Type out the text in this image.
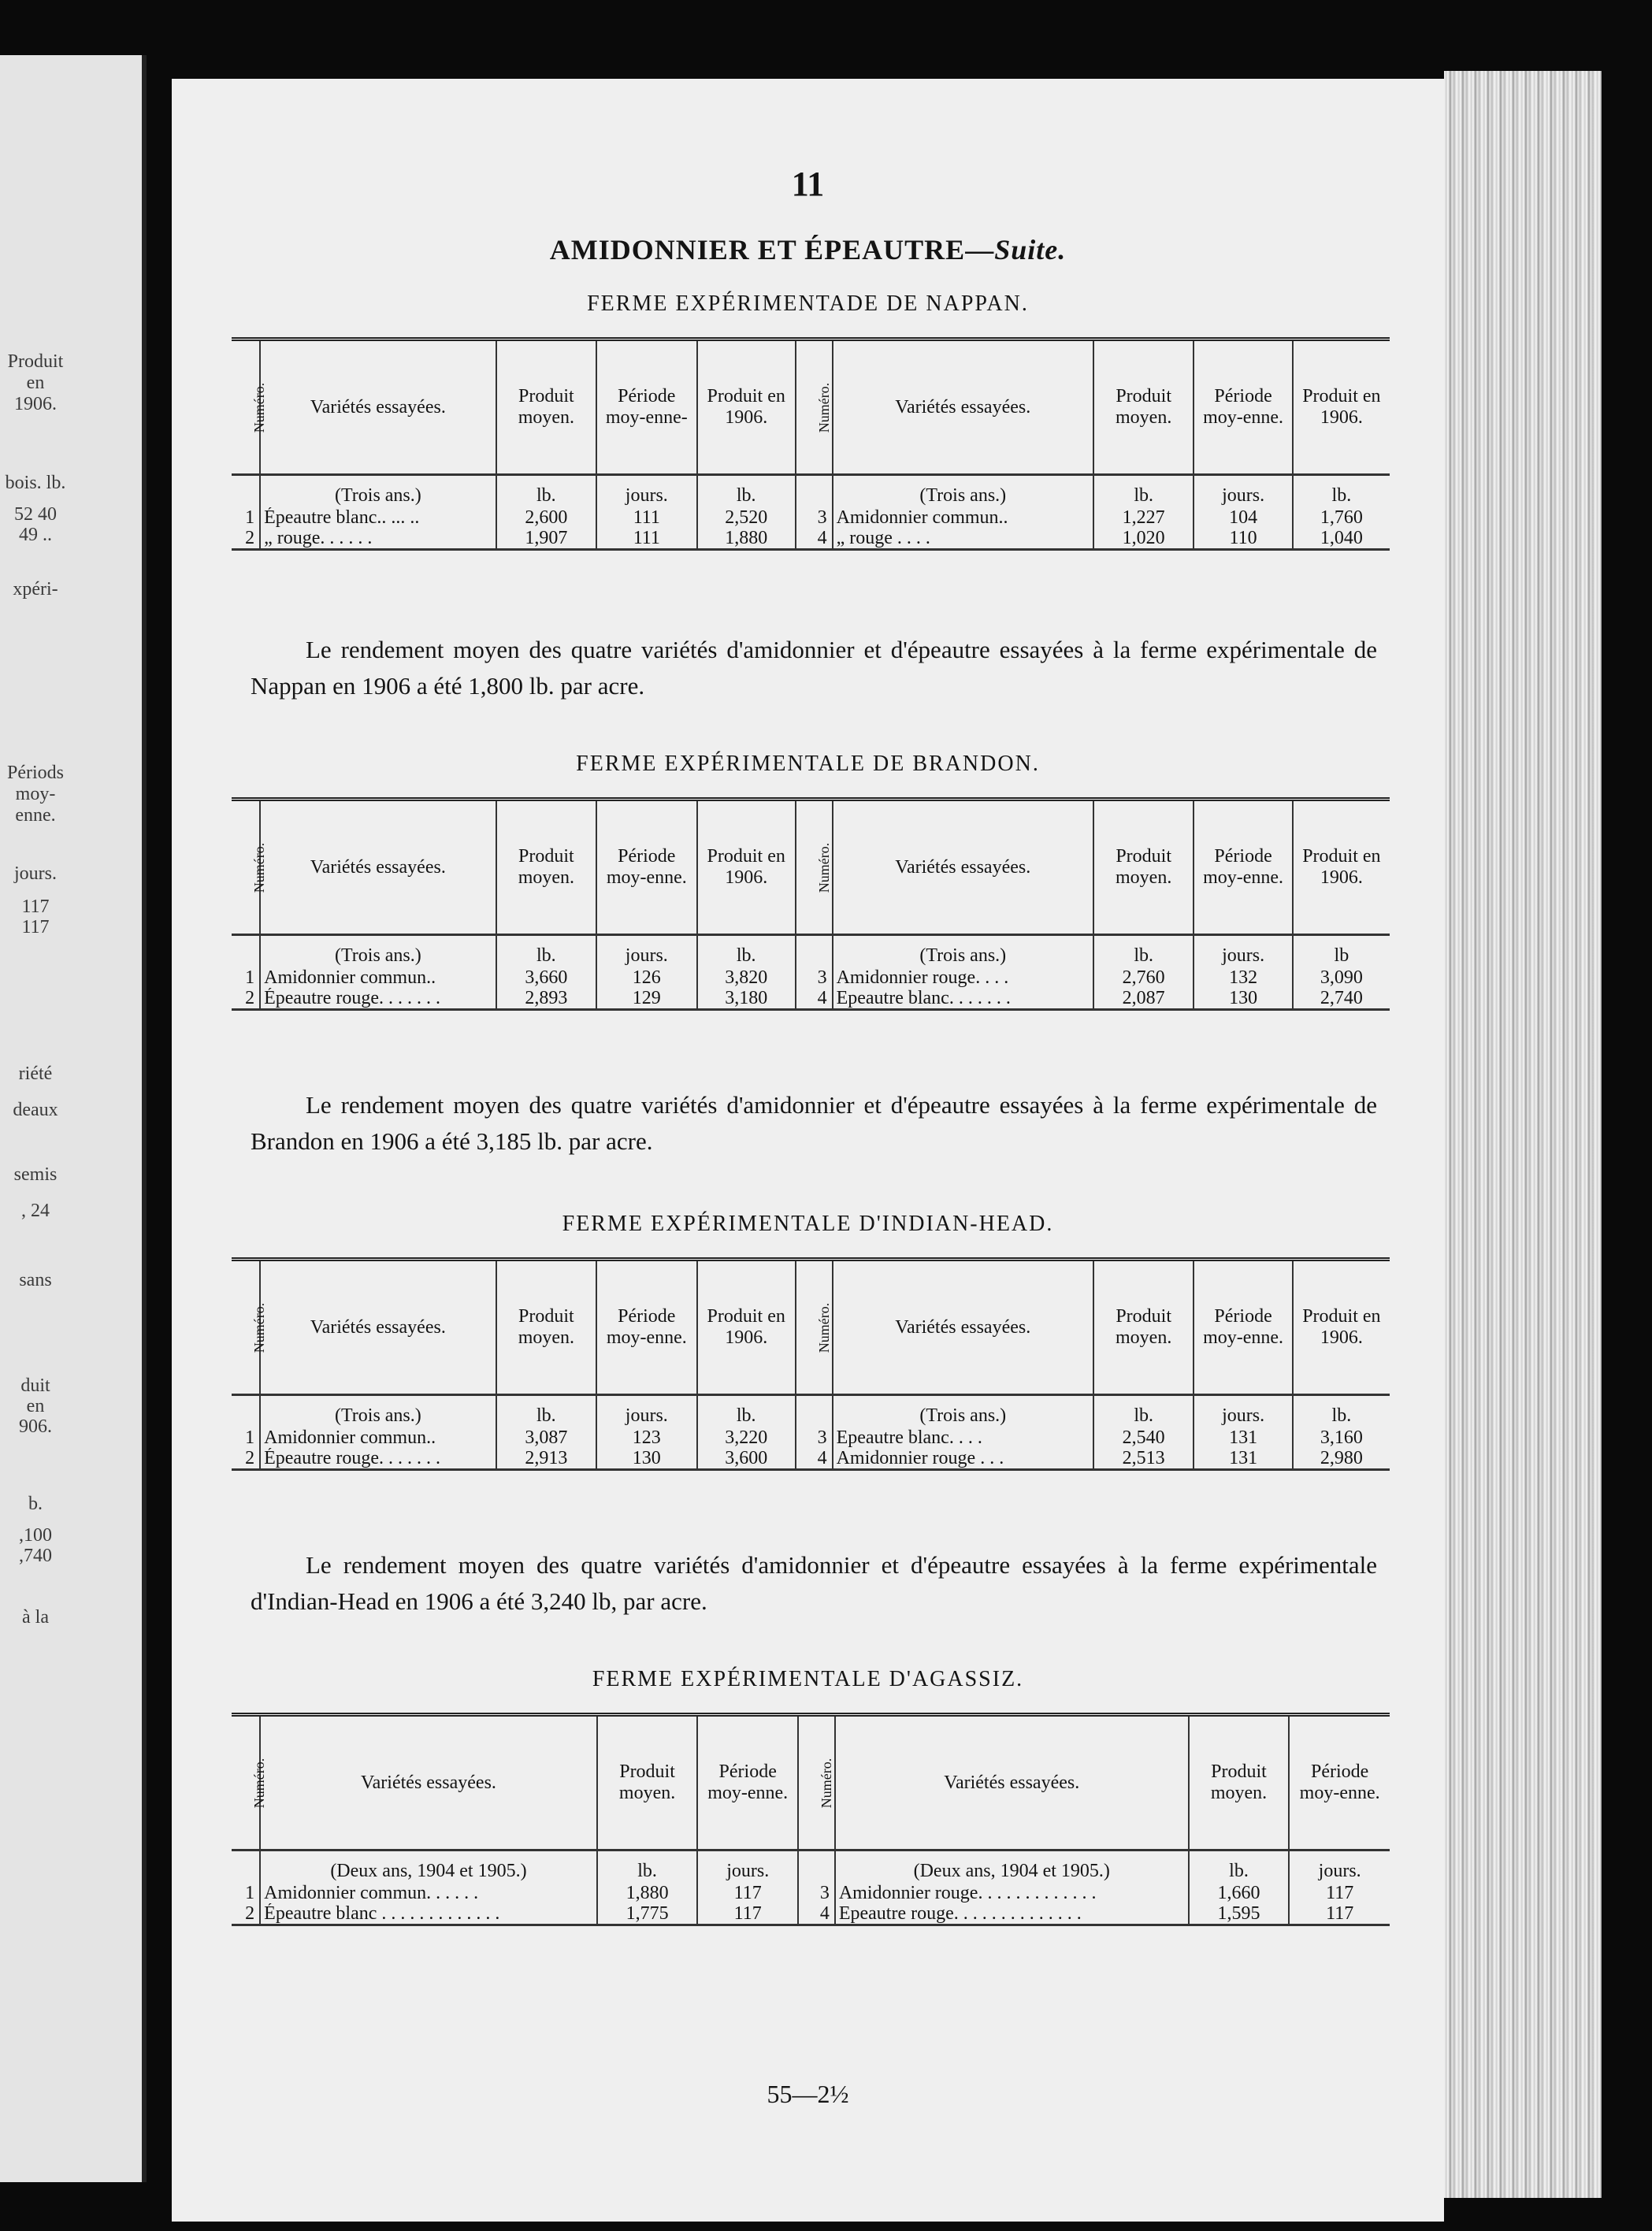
Produit
en
1906.
bois. lb.
52 40
49 ..
xpéri-
Périods
moy-
enne.
jours.
117
117
riété
deaux
semis
, 24
sans
duit
en
906.
b.
,100
,740
à la
11
AMIDONNIER ET ÉPEAUTRE—Suite.
FERME EXPÉRIMENTADE DE NAPPAN.
Numéro.	Variétés essayées.	Produit moyen.	Période moy-enne-	Produit en 1906.	Numéro.	Variétés essayées.	Produit moyen.	Période moy-enne.	Produit en 1906.
	(Trois ans.)	lb.	jours.	lb.		(Trois ans.)	lb.	jours.	lb.
1	Épeautre blanc.. ... ..	2,600	111	2,520	3	Amidonnier commun..	1,227	104	1,760
2	„ rouge. . . . . .	1,907	111	1,880	4	„ rouge . . . .	1,020	110	1,040
Le rendement moyen des quatre variétés d'amidonnier et d'épeautre essayées à la ferme expérimentale de Nappan en 1906 a été 1,800 lb. par acre.
FERME EXPÉRIMENTALE DE BRANDON.
Numéro.	Variétés essayées.	Produit moyen.	Période moy-enne.	Produit en 1906.	Numéro.	Variétés essayées.	Produit moyen.	Période moy-enne.	Produit en 1906.
	(Trois ans.)	lb.	jours.	lb.		(Trois ans.)	lb.	jours.	lb
1	Amidonnier commun..	3,660	126	3,820	3	Amidonnier rouge. . . .	2,760	132	3,090
2	Épeautre rouge. . . . . . .	2,893	129	3,180	4	Epeautre blanc. . . . . . .	2,087	130	2,740
Le rendement moyen des quatre variétés d'amidonnier et d'épeautre essayées à la ferme expérimentale de Brandon en 1906 a été 3,185 lb. par acre.
FERME EXPÉRIMENTALE D'INDIAN-HEAD.
Numéro.	Variétés essayées.	Produit moyen.	Période moy-enne.	Produit en 1906.	Numéro.	Variétés essayées.	Produit moyen.	Période moy-enne.	Produit en 1906.
	(Trois ans.)	lb.	jours.	lb.		(Trois ans.)	lb.	jours.	lb.
1	Amidonnier commun..	3,087	123	3,220	3	Epeautre blanc. . . .	2,540	131	3,160
2	Épeautre rouge. . . . . . .	2,913	130	3,600	4	Amidonnier rouge . . .	2,513	131	2,980
Le rendement moyen des quatre variétés d'amidonnier et d'épeautre essayées à la ferme expérimentale d'Indian-Head en 1906 a été 3,240 lb, par acre.
FERME EXPÉRIMENTALE D'AGASSIZ.
Numéro.	Variétés essayées.	Produit moyen.	Période moy-enne.	Numéro.	Variétés essayées.	Produit moyen.	Période moy-enne.
	(Deux ans, 1904 et 1905.)	lb.	jours.		(Deux ans, 1904 et 1905.)	lb.	jours.
1	Amidonnier commun. . . . . .	1,880	117	3	Amidonnier rouge. . . . . . . . . . . . .	1,660	117
2	Épeautre blanc . . . . . . . . . . . . .	1,775	117	4	Epeautre rouge. . . . . . . . . . . . . .	1,595	117
55—2½
